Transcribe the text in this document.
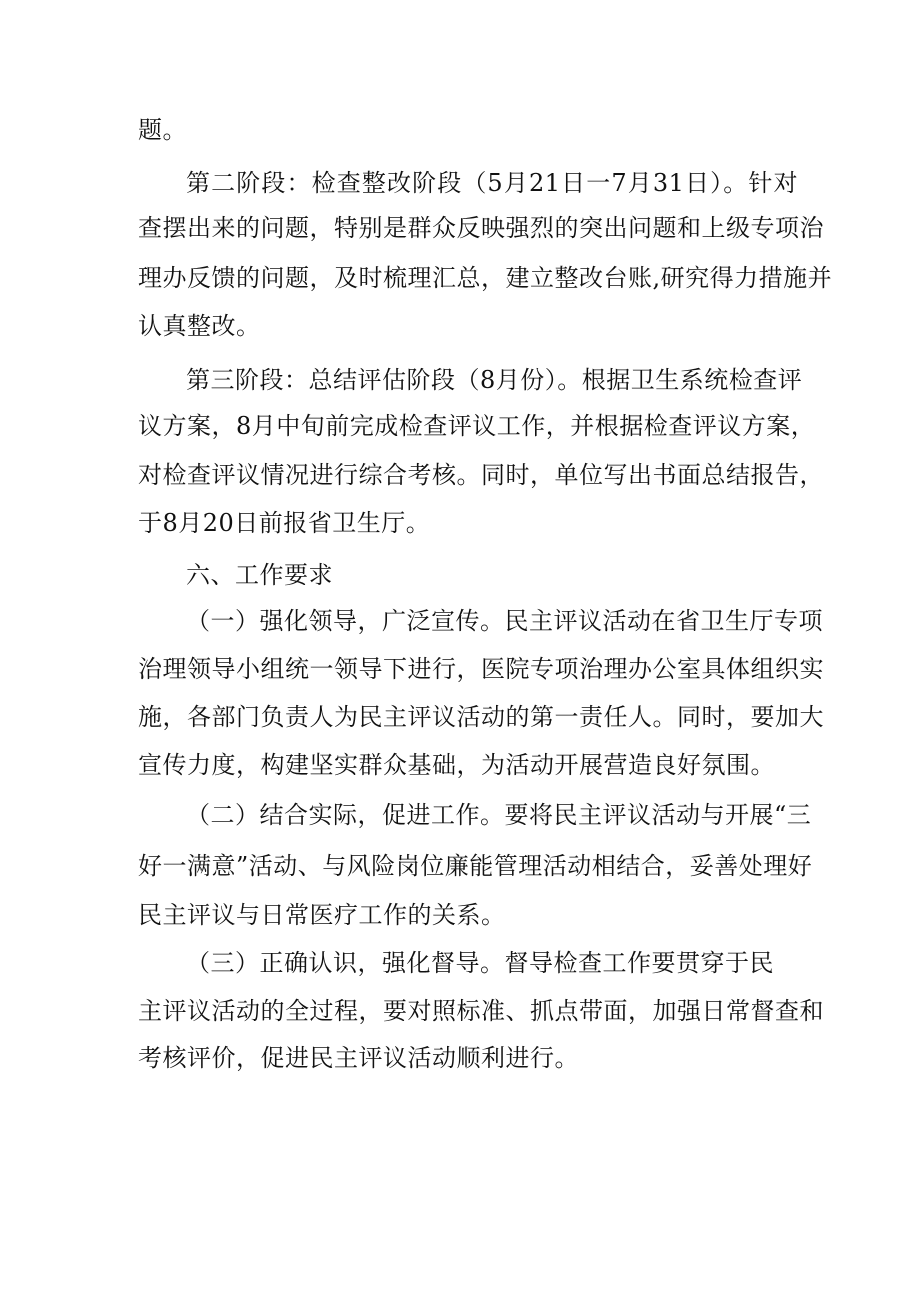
题。
第二阶段：检查整改阶段（5月21日一7月31日）。针对
查摆出来的问题，特别是群众反映强烈的突出问题和上级专项治
理办反馈的问题，及时梳理汇总，建立整改台账,研究得力措施并
认真整改。
第三阶段：总结评估阶段（8月份）。根据卫生系统检查评
议方案，8月中旬前完成检查评议工作，并根据检查评议方案，
对检查评议情况进行综合考核。同时，单位写出书面总结报告，
于8月20日前报省卫生厅。
六、工作要求
（一）强化领导，广泛宣传。民主评议活动在省卫生厅专项
治理领导小组统一领导下进行，医院专项治理办公室具体组织实
施，各部门负责人为民主评议活动的第一责任人。同时，要加大
宣传力度，构建坚实群众基础，为活动开展营造良好氛围。
（二）结合实际，促进工作。要将民主评议活动与开展“三
好一满意”活动、与风险岗位廉能管理活动相结合，妥善处理好
民主评议与日常医疗工作的关系。
（三）正确认识，强化督导。督导检查工作要贯穿于民
主评议活动的全过程，要对照标准、抓点带面，加强日常督查和
考核评价，促进民主评议活动顺利进行。
